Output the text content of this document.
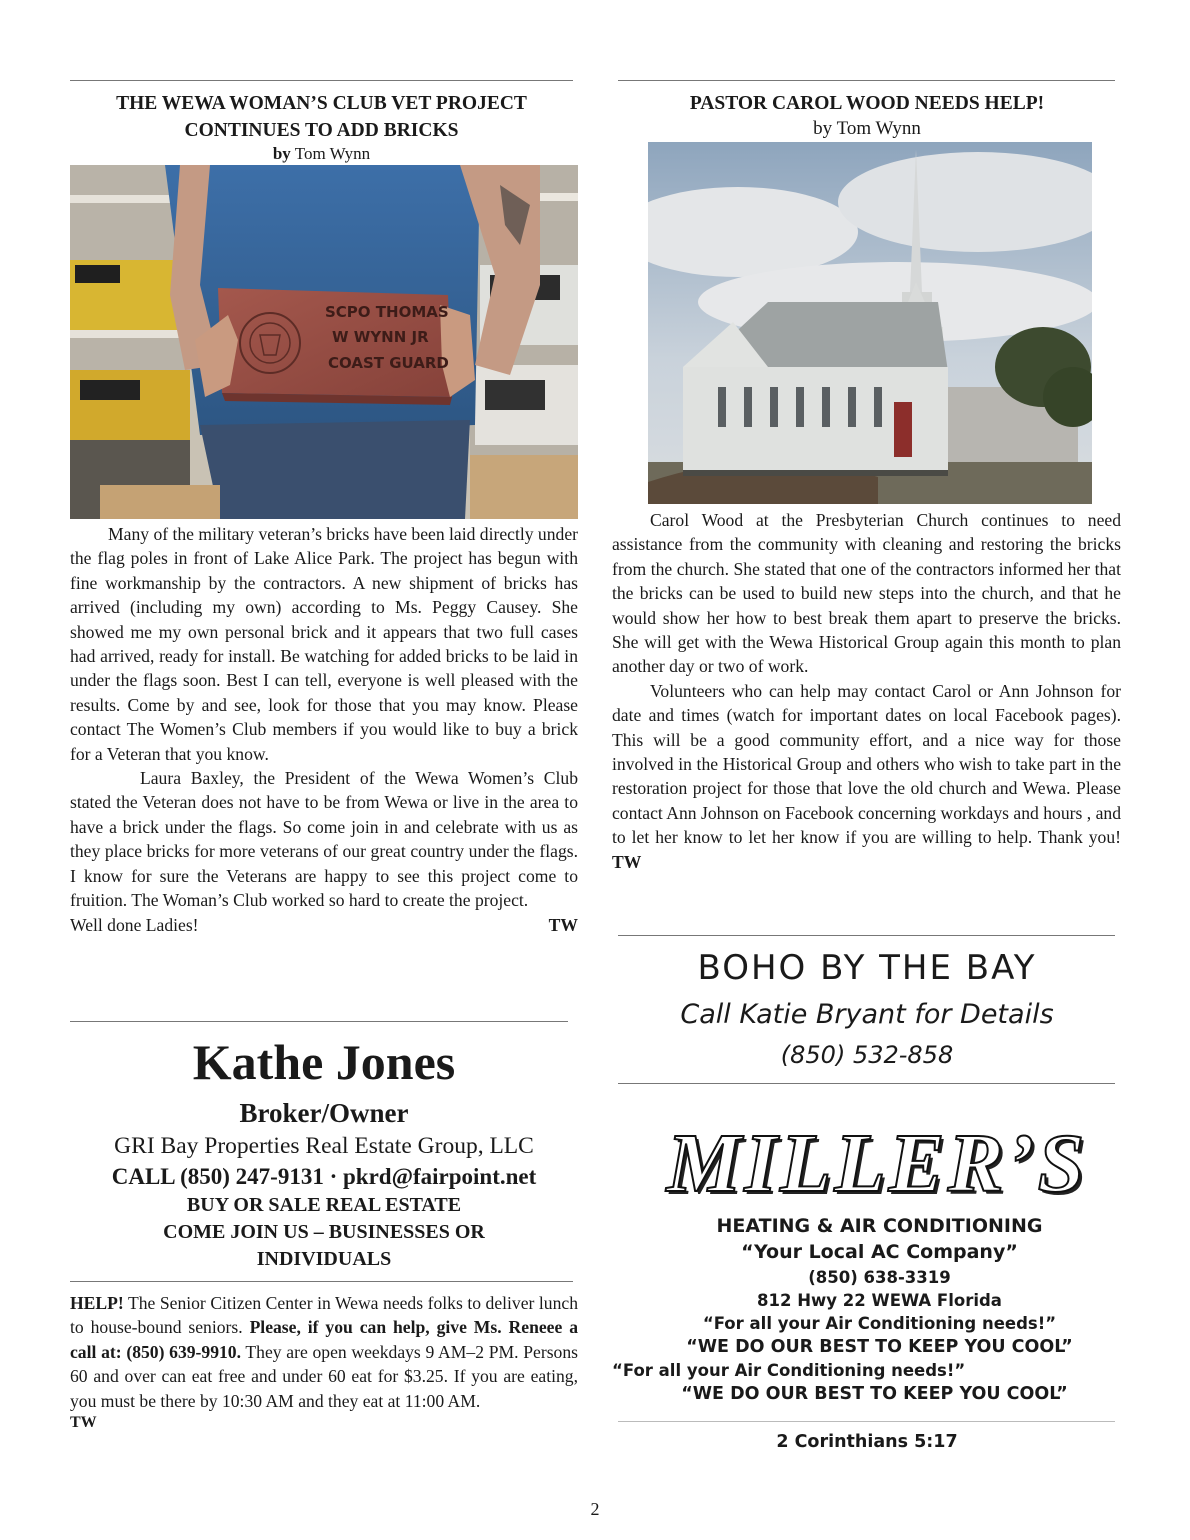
THE WEWA WOMAN’S CLUB VET PROJECT
CONTINUES TO ADD BRICKS
by Tom Wynn
SCPO THOMAS
W WYNN JR
COAST GUARD

Many of the military veteran’s bricks have been laid directly under the flag poles in front of Lake Alice Park. The project has begun with fine workmanship by the contractors. A new shipment of bricks has arrived (including my own) according to Ms. Peggy Causey. She showed me my own personal brick and it appears that two full cases had arrived, ready for install. Be watching for added bricks to be laid in under the flags soon. Best I can tell, everyone is well pleased with the results. Come by and see, look for those that you may know. Please contact The Women’s Club members if you would like to buy a brick for a Veteran that you know.

Laura Baxley, the President of the Wewa Women’s Club stated the Veteran does not have to be from Wewa or live in the area to have a brick under the flags. So come join in and celebrate with us as they place bricks for more veterans of our great country under the flags. I know for sure the Veterans are happy to see this project come to fruition. The Woman’s Club worked so hard to create the project.

Well done Ladies!	TW
Kathe Jones
Broker/Owner
GRI Bay Properties Real Estate Group, LLC
CALL (850) 247-9131 · pkrd@fairpoint.net
BUY OR SALE REAL ESTATE
COME JOIN US – BUSINESSES OR
INDIVIDUALS
HELP! The Senior Citizen Center in Wewa needs folks to deliver lunch to house-bound seniors. Please, if you can help, give Ms. Reneee a call at: (850) 639-9910. They are open weekdays 9 AM–2 PM. Persons 60 and over can eat free and under 60 eat for $3.25. If you are eating, you must be there by 10:30 AM and they eat at 11:00 AM.
TW
PASTOR CAROL WOOD NEEDS HELP!
by Tom Wynn

Carol Wood at the Presbyterian Church continues to need assistance from the community with cleaning and restoring the bricks from the church. She stated that one of the contractors informed her that the bricks can be used to build new steps into the church, and that he would show her how to best break them apart to preserve the bricks. She will get with the Wewa Historical Group again this month to plan another day or two of work.

Volunteers who can help may contact Carol or Ann Johnson for date and times (watch for important dates on local Facebook pages). This will be a good community effort, and a nice way for those involved in the Historical Group and others who wish to take part in the restoration project for those that love the old church and Wewa. Please contact Ann Johnson on Facebook concerning workdays and hours , and to let her know to let her know if you are willing to help. Thank you! TW

BOHO BY THE BAY
Call Katie Bryant for Details
(850) 532-858
MILLER’S
HEATING & AIR CONDITIONING
“Your Local AC Company”
(850) 638-3319
812 Hwy 22 WEWA Florida
“For all your Air Conditioning needs!”
“WE DO OUR BEST TO KEEP YOU COOL”
“For all your Air Conditioning needs!”
“WE DO OUR BEST TO KEEP YOU COOL”
2 Corinthians 5:17
2
